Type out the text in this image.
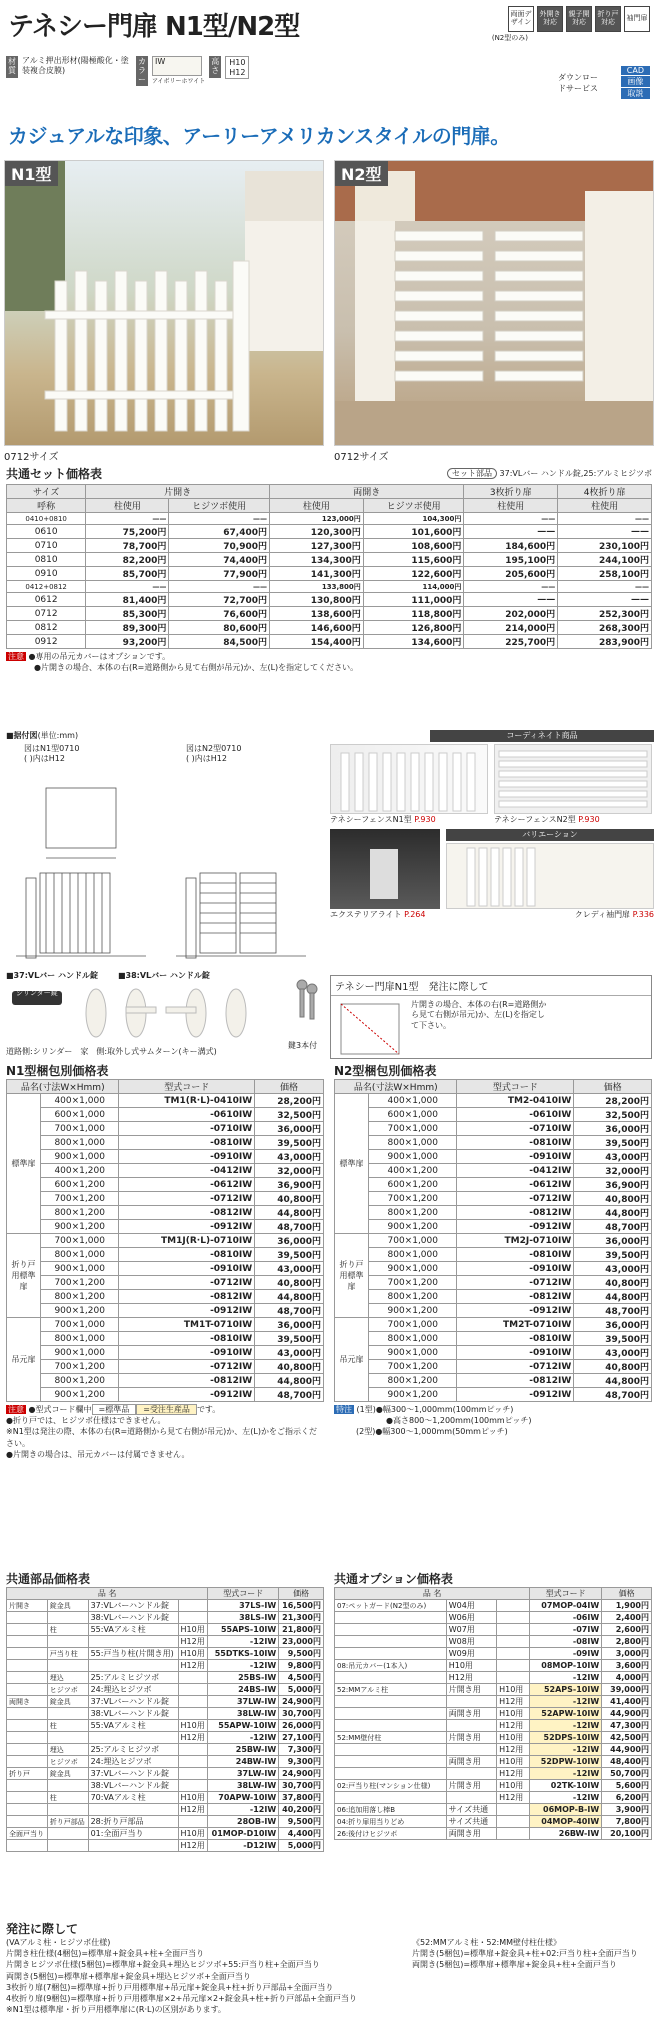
テネシー門扉 N1型/N2型	両面デザイン
外開き対応
親子開対応
折り戸対応	袖門扉
(N2型のみ)
材質
アルミ押出形材(陽極酸化・塗装複合皮膜)
カラー
IW
アイボリーホワイト
高さ
H10
H12
ダウンロードサービス
CAD
画像
取説
カジュアルな印象、アーリーアメリカンスタイルの門扉。
N1型
0712サイズ
N2型
0712サイズ
共通セット価格表	セット部品 37:VLバー ハンドル錠,25:アルミヒジツボ
サイズ	片開き		両開き		3枚折り扉	4枚折り扉
呼称	柱使用	ヒジツボ使用	柱使用	ヒジツボ使用	柱使用	柱使用
0410+0810	——	——	123,000円	104,300円	——	——
0610	75,200円	67,400円	120,300円	101,600円	——	——
0710	78,700円	70,900円	127,300円	108,600円	184,600円	230,100円
0810	82,200円	74,400円	134,300円	115,600円	195,100円	244,100円
0910	85,700円	77,900円	141,300円	122,600円	205,600円	258,100円
0412+0812	——	——	133,800円	114,000円	——	——
0612	81,400円	72,700円	130,800円	111,000円	——	——
0712	85,300円	76,600円	138,600円	118,800円	202,000円	252,300円
0812	89,300円	80,600円	146,600円	126,800円	214,000円	268,300円
0912	93,200円	84,500円	154,400円	134,600円	225,700円	283,900円
注意 ●専用の吊元カバーはオプションです。
●片開きの場合、本体の右(R=道路側から見て右側が吊元)か、左(L)を指定してください。
■据付図(単位:mm)
図はN1型0710
( )内はH12
図はN2型0710
( )内はH12
コーディネイト商品
テネシーフェンスN1型 P.930	テネシーフェンスN2型 P.930
バリエーション
エクステリアライト P.264	クレディ袖門扉 P.336
■37:VLバー ハンドル錠	■38:VLバー ハンドル錠
シリンダー錠
道路側:シリンダー　家　側:取外し式サムターン(キー溝式)
鍵3本付
テネシー門扉N1型　発注に際して
片開きの場合、本体の右(R=道路側から見て右側が吊元)か、左(L)を指定して下さい。
N1型梱包別価格表
品名(寸法W×Hmm)		型式コード	価格
標準扉	400×1,000	TM1(R·L)-0410IW	28,200円
	600×1,000	-0610IW	32,500円
	700×1,000	-0710IW	36,000円
	800×1,000	-0810IW	39,500円
	900×1,000	-0910IW	43,000円
	400×1,200	-0412IW	32,000円
	600×1,200	-0612IW	36,900円
	700×1,200	-0712IW	40,800円
	800×1,200	-0812IW	44,800円
	900×1,200	-0912IW	48,700円
折り戸用標準扉	700×1,000	TM1J(R·L)-0710IW	36,000円
	800×1,000	-0810IW	39,500円
	900×1,000	-0910IW	43,000円
	700×1,200	-0712IW	40,800円
	800×1,200	-0812IW	44,800円
	900×1,200	-0912IW	48,700円
吊元扉	700×1,000	TM1T-0710IW	36,000円
	800×1,000	-0810IW	39,500円
	900×1,000	-0910IW	43,000円
	700×1,200	-0712IW	40,800円
	800×1,200	-0812IW	44,800円
	900×1,200	-0912IW	48,700円
注意 ●型式コード欄中 =標準品 =受注生産品 です。
●折り戸では、ヒジツボ仕様はできません。
※N1型は発注の際、本体の右(R=道路側から見て右側が吊元)か、左(L)かをご指示ください。
●片開きの場合は、吊元カバーは付属できません。
N2型梱包別価格表
品名(寸法W×Hmm)		型式コード	価格
標準扉	400×1,000	TM2-0410IW	28,200円
	600×1,000	-0610IW	32,500円
	700×1,000	-0710IW	36,000円
	800×1,000	-0810IW	39,500円
	900×1,000	-0910IW	43,000円
	400×1,200	-0412IW	32,000円
	600×1,200	-0612IW	36,900円
	700×1,200	-0712IW	40,800円
	800×1,200	-0812IW	44,800円
	900×1,200	-0912IW	48,700円
折り戸用標準扉	700×1,000	TM2J-0710IW	36,000円
	800×1,000	-0810IW	39,500円
	900×1,000	-0910IW	43,000円
	700×1,200	-0712IW	40,800円
	800×1,200	-0812IW	44,800円
	900×1,200	-0912IW	48,700円
吊元扉	700×1,000	TM2T-0710IW	36,000円
	800×1,000	-0810IW	39,500円
	900×1,000	-0910IW	43,000円
	700×1,200	-0712IW	40,800円
	800×1,200	-0812IW	44,800円
	900×1,200	-0912IW	48,700円
特注 (1型)●幅300〜1,000mm(100mmピッチ)
●高さ800〜1,200mm(100mmピッチ)
(2型)●幅300〜1,000mm(50mmピッチ)
共通部品価格表
品 名				型式コード	価格
片開き	錠金具	37:VLバーハンドル錠		37LS-IW	16,500円
		38:VLバーハンドル錠		38LS-IW	21,300円
	柱	55:VAアルミ柱	H10用	55APS-10IW	21,800円
			H12用	-12IW	23,000円
	戸当り柱	55:戸当り柱(片開き用)	H10用	55DTKS-10IW	9,500円
			H12用	-12IW	9,800円
	埋込	25:アルミヒジツボ		25BS-IW	4,500円
	ヒジツボ	24:埋込ヒジツボ		24BS-IW	5,000円
両開き	錠金具	37:VLバーハンドル錠		37LW-IW	24,900円
		38:VLバーハンドル錠		38LW-IW	30,700円
	柱	55:VAアルミ柱	H10用	55APW-10IW	26,000円
			H12用	-12IW	27,100円
	埋込	25:アルミヒジツボ		25BW-IW	7,300円
	ヒジツボ	24:埋込ヒジツボ		24BW-IW	9,300円
折り戸	錠金具	37:VLバーハンドル錠		37LW-IW	24,900円
		38:VLバーハンドル錠		38LW-IW	30,700円
	柱	70:VAアルミ柱	H10用	70APW-10IW	37,800円
			H12用	-12IW	40,200円
	折り戸部品	28:折り戸部品		28OB-IW	9,500円
全面戸当り		01:全面戸当り	H10用	01MOP-D10IW	4,400円
			H12用	-D12IW	5,000円
共通オプション価格表
品 名			型式コード	価格
07:ペットガード(N2型のみ)	W04用		07MOP-04IW	1,900円
	W06用		-06IW	2,400円
	W07用		-07IW	2,600円
	W08用		-08IW	2,800円
	W09用		-09IW	3,000円
08:吊元カバー(1本入)	H10用		08MOP-10IW	3,600円
	H12用		-12IW	4,000円
52:MMアルミ柱	片開き用	H10用	52APS-10IW	39,000円
		H12用	-12IW	41,400円
	両開き用	H10用	52APW-10IW	44,900円
		H12用	-12IW	47,300円
52:MM壁付柱	片開き用	H10用	52DPS-10IW	42,500円
		H12用	-12IW	44,900円
	両開き用	H10用	52DPW-10IW	48,400円
		H12用	-12IW	50,700円
02:戸当り柱(マンション仕様)	片開き用	H10用	02TK-10IW	5,600円
		H12用	-12IW	6,200円
06:追加用落し棒B	サイズ共通		06MOP-B-IW	3,900円
04:折り扉用当りどめ	サイズ共通		04MOP-40IW	7,800円
26:後付けヒジツボ	両開き用		26BW-IW	20,100円
発注に際して
(VAアルミ柱・ヒジツボ仕様)
片開き柱仕様(4梱包)=標準扉+錠金具+柱+全面戸当り
片開きヒジツボ仕様(5梱包)=標準扉+錠金具+埋込ヒジツボ+55:戸当り柱+全面戸当り
両開き(5梱包)=標準扉+標準扉+錠金具+埋込ヒジツボ+全面戸当り
3枚折り扉(7梱包)=標準扉+折り戸用標準扉+吊元扉+錠金具+柱+折り戸部品+全面戸当り
4枚折り扉(9梱包)=標準扉+折り戸用標準扉×2+吊元扉×2+錠金具+柱+折り戸部品+全面戸当り
《52:MMアルミ柱・52:MM壁付柱仕様》
片開き(5梱包)=標準扉+錠金具+柱+02:戸当り柱+全面戸当り
両開き(5梱包)=標準扉+標準扉+錠金具+柱+全面戸当り
※N1型は標準扉・折り戸用標準扉に(R·L)の区別があります。
